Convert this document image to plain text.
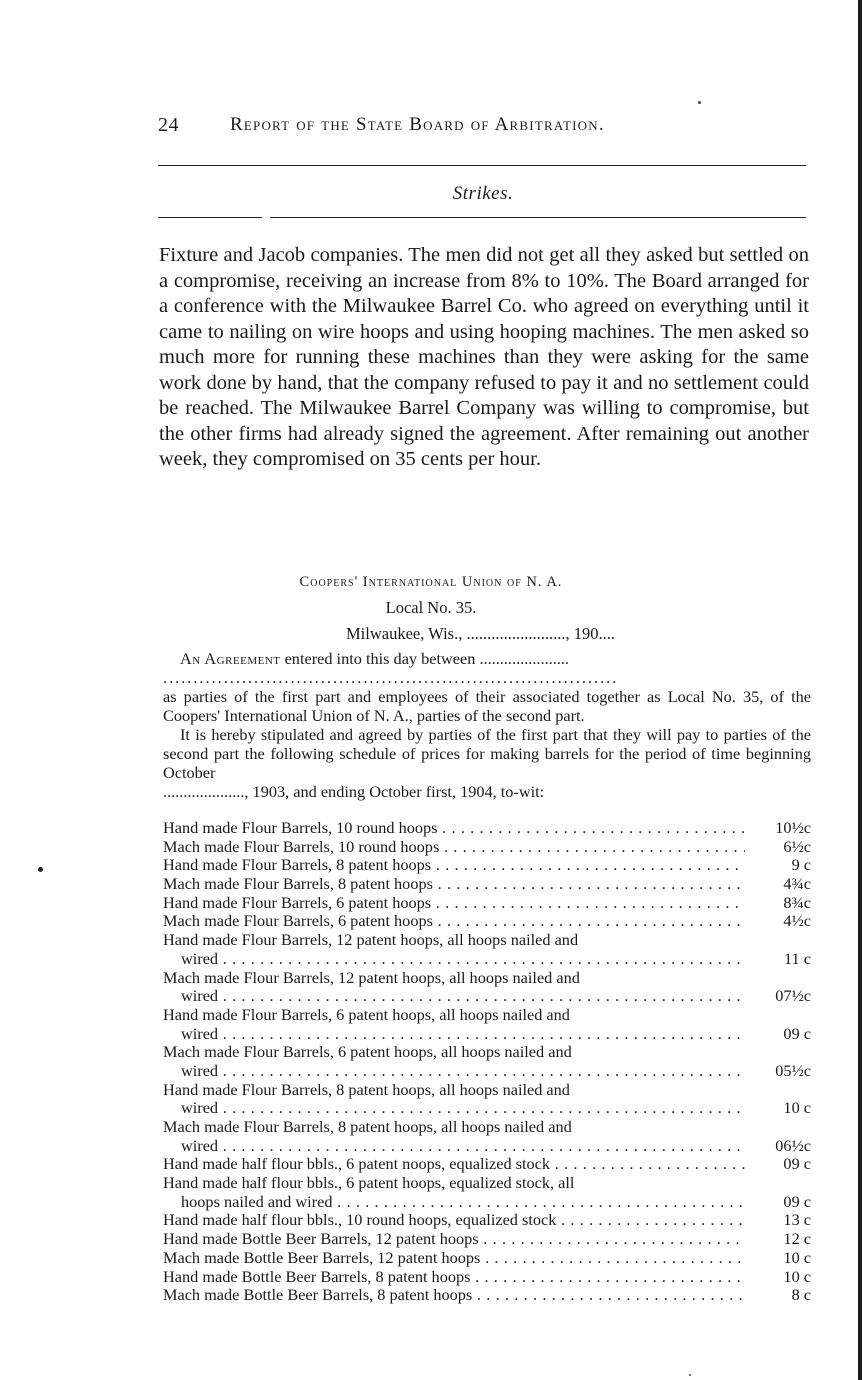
24	Report of the State Board of Arbitration.
Strikes.

Fixture and Jacob companies. The men did not get all they asked but settled on a compromise, receiving an increase from 8% to 10%. The Board arranged for a conference with the Milwaukee Barrel Co. who agreed on everything until it came to nailing on wire hoops and using hooping machines. The men asked so much more for running these machines than they were asking for the same work done by hand, that the company refused to pay it and no settlement could be reached. The Milwaukee Barrel Company was willing to compromise, but the other firms had already signed the agreement. After remaining out another week, they compromised on 35 cents per hour.

Coopers' International Union of N. A.
Local No. 35.
Milwaukee, Wis., ........................, 190....

An Agreement entered into this day between ......................

...........................................................................

as parties of the first part and employees of their associated together as Local No. 35, of the Coopers' International Union of N. A., parties of the second part.

It is hereby stipulated and agreed by parties of the first part that they will pay to parties of the second part the following schedule of prices for making barrels for the period of time beginning October

...................., 1903, and ending October first, 1904, to-wit:

Hand made Flour Barrels, 10 round hoops . . .	10½c
Mach made Flour Barrels, 10 round hoops . . .	6½c
Hand made Flour Barrels, 8 patent hoops . . .	9 c
Mach made Flour Barrels, 8 patent hoops . . .	4¾c
Hand made Flour Barrels, 6 patent hoops . . .	8¾c
Mach made Flour Barrels, 6 patent hoops . . .	4½c
Hand made Flour Barrels, 12 patent hoops, all hoops nailed and
wired . . .	11 c
Mach made Flour Barrels, 12 patent hoops, all hoops nailed and
wired . . .	07½c
Hand made Flour Barrels, 6 patent hoops, all hoops nailed and
wired . . .	09 c
Mach made Flour Barrels, 6 patent hoops, all hoops nailed and
wired . . .	05½c
Hand made Flour Barrels, 8 patent hoops, all hoops nailed and
wired . . .	10 c
Mach made Flour Barrels, 8 patent hoops, all hoops nailed and
wired . . .	06½c
Hand made half flour bbls., 6 patent noops, equalized stock . . .	09 c
Hand made half flour bbls., 6 patent hoops, equalized stock, all
hoops nailed and wired . . .	09 c
Hand made half flour bbls., 10 round hoops, equalized stock . . .	13 c
Hand made Bottle Beer Barrels, 12 patent hoops . . .	12 c
Mach made Bottle Beer Barrels, 12 patent hoops . . .	10 c
Hand made Bottle Beer Barrels, 8 patent hoops . . .	10 c
Mach made Bottle Beer Barrels, 8 patent hoops . . .	8 c
